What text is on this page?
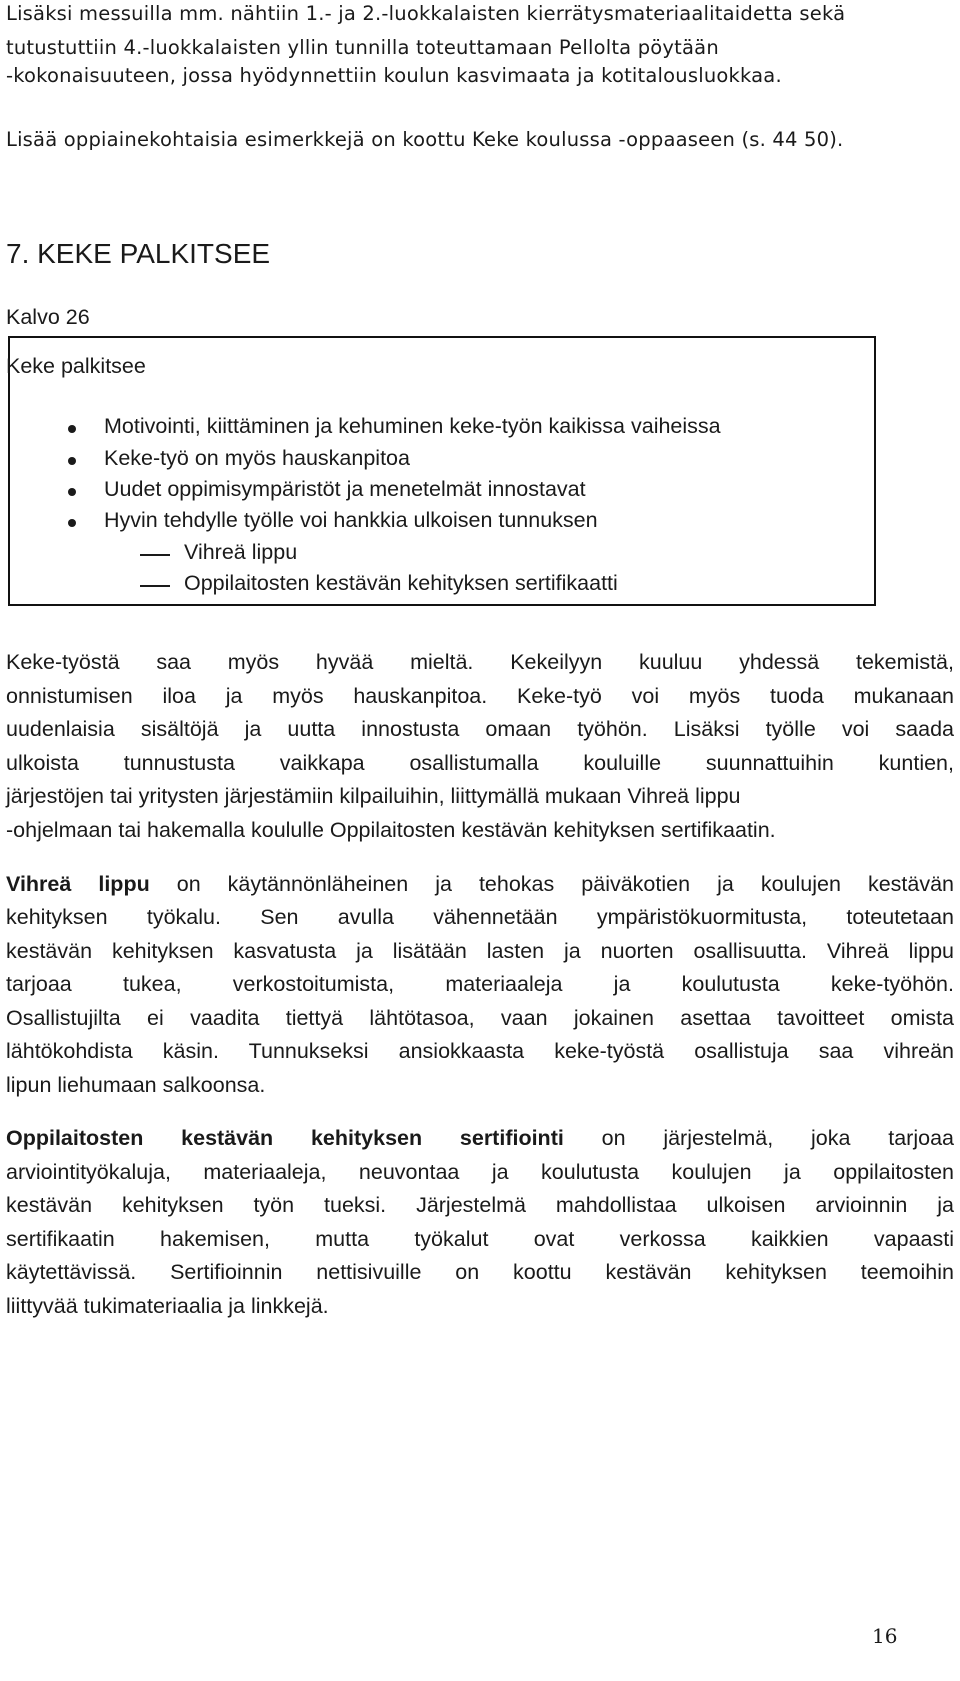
Lisäksi messuilla mm. nähtiin 1.- ja 2.-luokkalaisten kierrätysmateriaalitaidetta sekä

tutustuttiin 4.-luokkalaisten yllin tunnilla toteuttamaan Pellolta pöytään

-kokonaisuuteen, jossa hyödynnettiin koulun kasvimaata ja kotitalousluokkaa.

Lisää oppiainekohtaisia esimerkkejä on koottu Keke koulussa -oppaaseen (s. 44 50).

7. KEKE PALKITSEE

Kalvo 26

Keke palkitsee

Motivointi, kiittäminen ja kehuminen keke-työn kaikissa vaiheissa

Keke-työ on myös hauskanpitoa

Uudet oppimisympäristöt ja menetelmät innostavat

Hyvin tehdylle työlle voi hankkia ulkoisen tunnuksen

Vihreä lippu

Oppilaitosten kestävän kehityksen sertifikaatti

Keke-työstä saa myös hyvää mieltä. Kekeilyyn kuuluu yhdessä tekemistä,

onnistumisen iloa ja myös hauskanpitoa. Keke-työ voi myös tuoda mukanaan

uudenlaisia sisältöjä ja uutta innostusta omaan työhön. Lisäksi työlle voi saada

ulkoista tunnustusta vaikkapa osallistumalla kouluille suunnattuihin kuntien,

järjestöjen tai yritysten järjestämiin kilpailuihin, liittymällä mukaan Vihreä lippu

-ohjelmaan tai hakemalla koululle Oppilaitosten kestävän kehityksen sertifikaatin.

Vihreä lippu on käytännönläheinen ja tehokas päiväkotien ja koulujen kestävän

kehityksen työkalu. Sen avulla vähennetään ympäristökuormitusta, toteutetaan

kestävän kehityksen kasvatusta ja lisätään lasten ja nuorten osallisuutta. Vihreä lippu

tarjoaa tukea, verkostoitumista, materiaaleja ja koulutusta keke-työhön.

Osallistujilta ei vaadita tiettyä lähtötasoa, vaan jokainen asettaa tavoitteet omista

lähtökohdista käsin. Tunnukseksi ansiokkaasta keke-työstä osallistuja saa vihreän

lipun liehumaan salkoonsa.

Oppilaitosten kestävän kehityksen sertifiointi on järjestelmä, joka tarjoaa

arviointityökaluja, materiaaleja, neuvontaa ja koulutusta koulujen ja oppilaitosten

kestävän kehityksen työn tueksi. Järjestelmä mahdollistaa ulkoisen arvioinnin ja

sertifikaatin hakemisen, mutta työkalut ovat verkossa kaikkien vapaasti

käytettävissä. Sertifioinnin nettisivuille on koottu kestävän kehityksen teemoihin

liittyvää tukimateriaalia ja linkkejä.

16
